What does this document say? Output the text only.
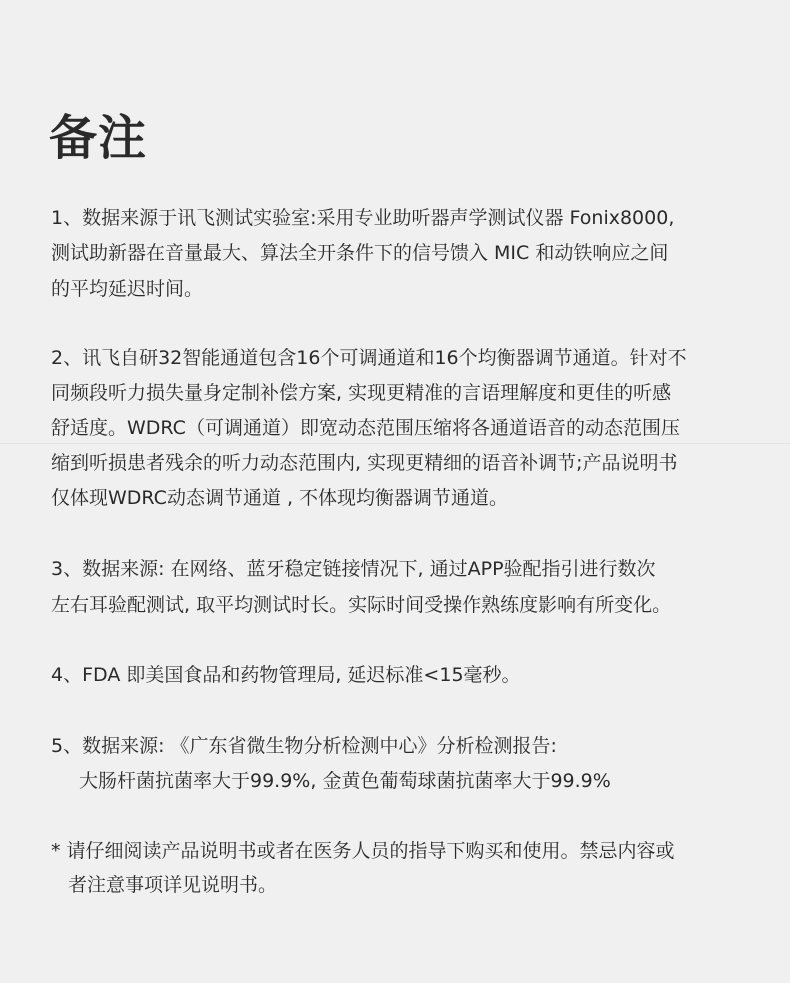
备注

1、数据来源于讯飞测试实验室:采用专业助听器声学测试仪器 Fonix8000,

测试助新器在音量最大、算法全开条件下的信号馈入 MIC 和动铁响应之间

的平均延迟时间。

2、讯飞自研32智能通道包含16个可调通道和16个均衡器调节通道。针对不

同频段听力损失量身定制补偿方案, 实现更精准的言语理解度和更佳的听感

舒适度。WDRC（可调通道）即宽动态范围压缩将各通道语音的动态范围压

缩到听损患者残余的听力动态范围内, 实现更精细的语音补调节;产品说明书

仅体现WDRC动态调节通道 , 不体现均衡器调节通道。

3、数据来源: 在网络、蓝牙稳定链接情况下, 通过APP验配指引进行数次

左右耳验配测试, 取平均测试时长。实际时间受操作熟练度影响有所变化。

4、FDA 即美国食品和药物管理局, 延迟标准<15毫秒。

5、数据来源: 《广东省微生物分析检测中心》分析检测报告:

大肠杆菌抗菌率大于99.9%, 金黄色葡萄球菌抗菌率大于99.9%

* 请仔细阅读产品说明书或者在医务人员的指导下购买和使用。禁忌内容或

者注意事项详见说明书。
